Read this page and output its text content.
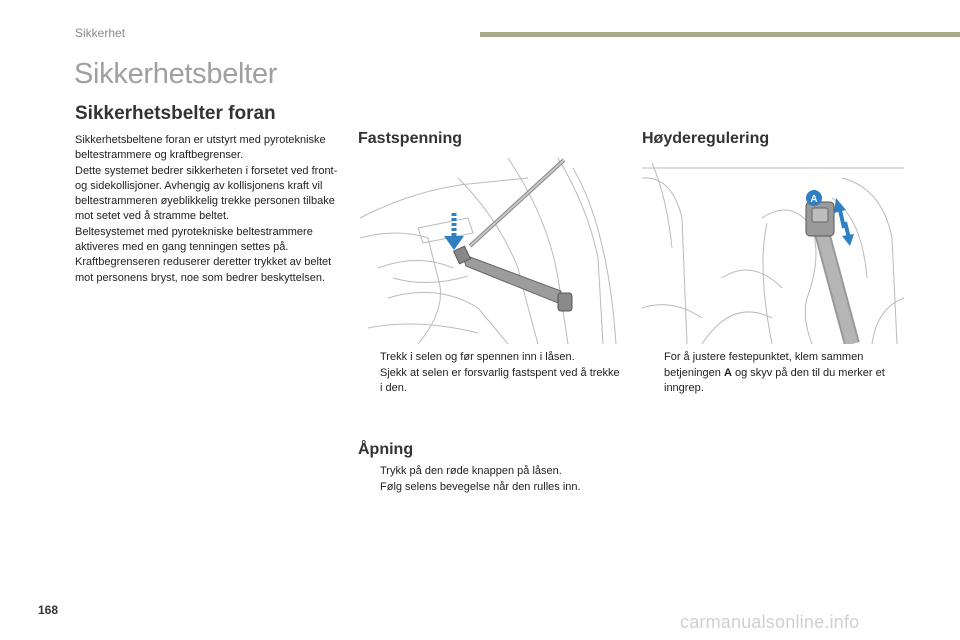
Sikkerhet
Sikkerhetsbelter
Sikkerhetsbelter foran

Sikkerhetsbeltene foran er utstyrt med pyrotekniske beltestrammere og kraftbegrenser.

Dette systemet bedrer sikkerheten i forsetet ved front- og sidekollisjoner. Avhengig av kollisjonens kraft vil beltestrammeren øyeblikkelig trekke personen tilbake mot setet ved å stramme beltet.

Beltesystemet med pyrotekniske beltestrammere aktiveres med en gang tenningen settes på.

Kraftbegrenseren reduserer deretter trykket av beltet mot personens bryst, noe som bedrer beskyttelsen.

Fastspenning
Trekk i selen og før spennen inn i låsen.
Sjekk at selen er forsvarlig fastspent ved å trekke i den.
Åpning
Trykk på den røde knappen på låsen.
Følg selens bevegelse når den rulles inn.
Høyderegulering
A
For å justere festepunktet, klem sammen betjeningen A og skyv på den til du merker et inngrep.
168
carmanualsonline.info
